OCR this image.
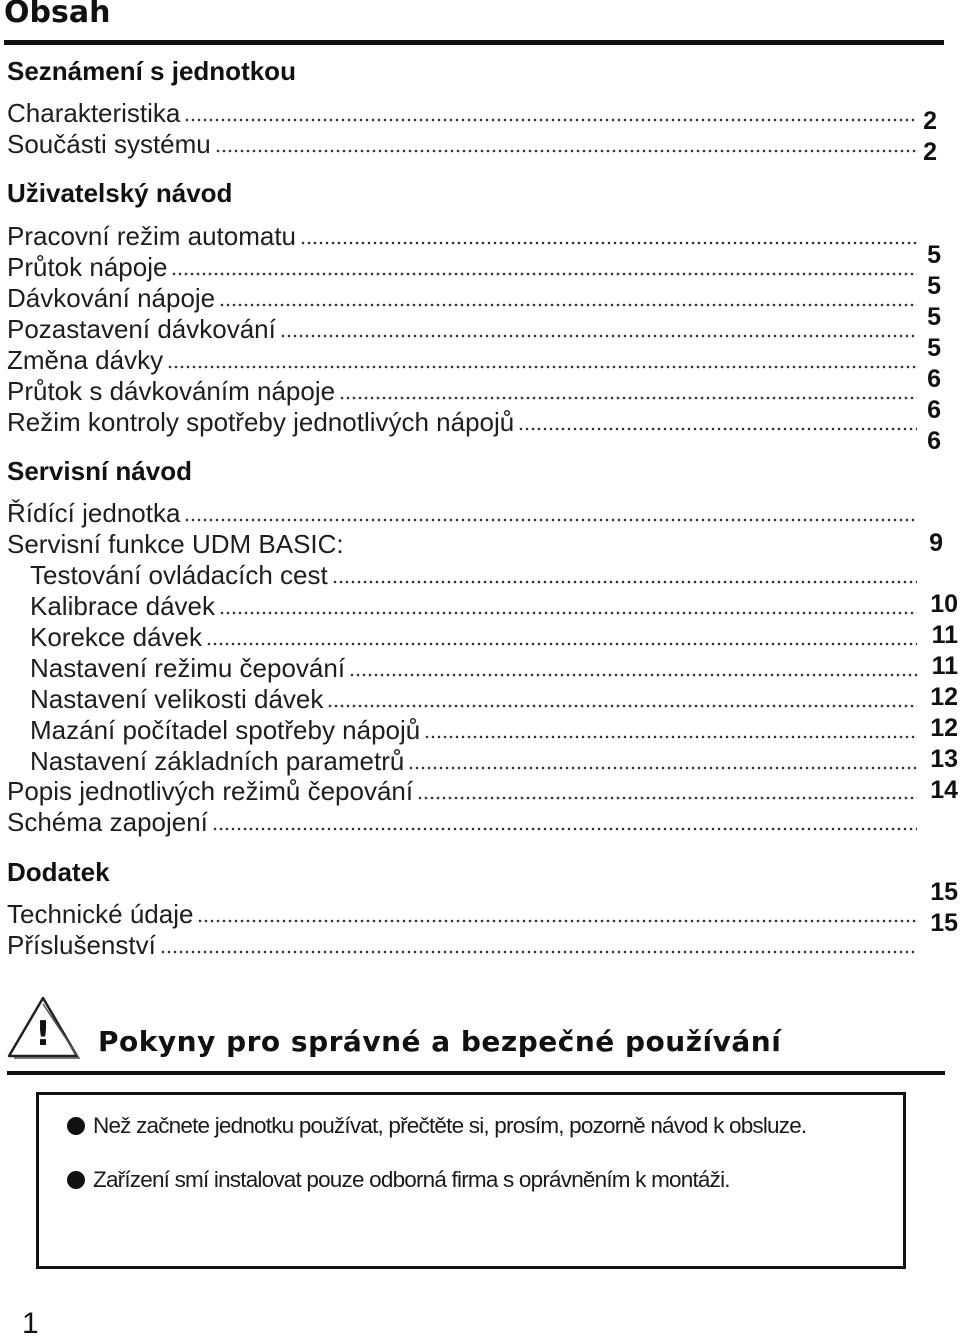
Obsah
Seznámení s jednotkou
Charakteristika
Součásti systému
2
2
Uživatelský návod
Pracovní režim automatu
Průtok nápoje
Dávkování nápoje
Pozastavení dávkování
Změna dávky
Průtok s dávkováním nápoje
Režim kontroly spotřeby jednotlivých nápojů
5
5
5
5
6
6
6
Servisní návod
Řídící jednotka
Servisní funkce UDM BASIC:
Testování ovládacích cest
Kalibrace dávek
Korekce dávek
Nastavení režimu čepování
Nastavení velikosti dávek
Mazání počítadel spotřeby nápojů
Nastavení základních parametrů
Popis jednotlivých režimů čepování
Schéma zapojení
9
10
11
11
12
12
13
14
Dodatek
Technické údaje
Příslušenství
15
15
! Pokyny pro správné a bezpečné používání
Než začnete jednotku používat, přečtěte si, prosím, pozorně návod k obsluze.
Zařízení smí instalovat pouze odborná firma s oprávněním k montáži.
1
